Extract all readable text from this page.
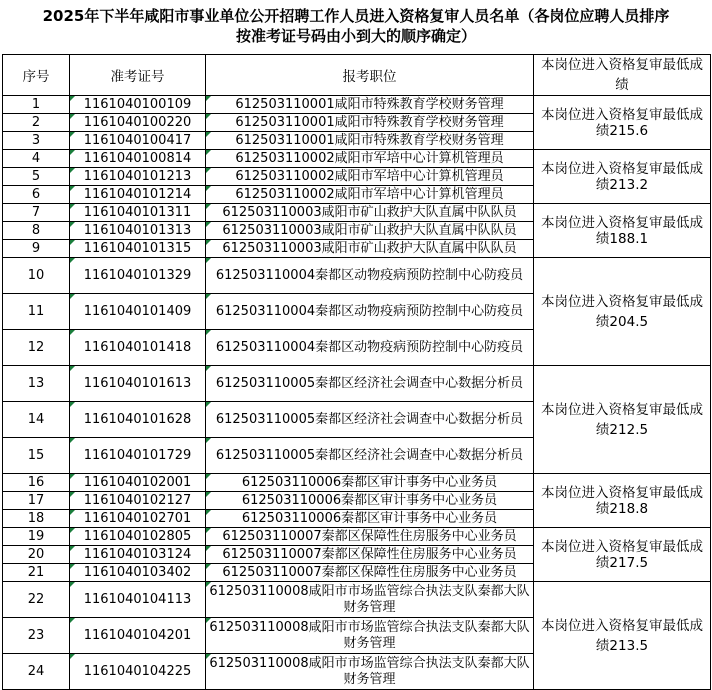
2025年下半年咸阳市事业单位公开招聘工作人员进入资格复审人员名单（各岗位应聘人员排序
按准考证号码由小到大的顺序确定）
序号	准考证号	报考职位	本岗位进入资格复审最低成绩
1	1161040100109	612503110001咸阳市特殊教育学校财务管理	本岗位进入资格复审最低成绩215.6
2	1161040100220	612503110001咸阳市特殊教育学校财务管理	
3	1161040100417	612503110001咸阳市特殊教育学校财务管理	
4	1161040100814	612503110002咸阳市军培中心计算机管理员	本岗位进入资格复审最低成绩213.2
5	1161040101213	612503110002咸阳市军培中心计算机管理员	
6	1161040101214	612503110002咸阳市军培中心计算机管理员	
7	1161040101311	612503110003咸阳市矿山救护大队直属中队队员	本岗位进入资格复审最低成绩188.1
8	1161040101313	612503110003咸阳市矿山救护大队直属中队队员	
9	1161040101315	612503110003咸阳市矿山救护大队直属中队队员	
10	1161040101329	612503110004秦都区动物疫病预防控制中心防疫员	本岗位进入资格复审最低成绩204.5
11	1161040101409	612503110004秦都区动物疫病预防控制中心防疫员	
12	1161040101418	612503110004秦都区动物疫病预防控制中心防疫员	
13	1161040101613	612503110005秦都区经济社会调查中心数据分析员	本岗位进入资格复审最低成绩212.5
14	1161040101628	612503110005秦都区经济社会调查中心数据分析员	
15	1161040101729	612503110005秦都区经济社会调查中心数据分析员	
16	1161040102001	612503110006秦都区审计事务中心业务员	本岗位进入资格复审最低成绩218.8
17	1161040102127	612503110006秦都区审计事务中心业务员	
18	1161040102701	612503110006秦都区审计事务中心业务员	
19	1161040102805	612503110007秦都区保障性住房服务中心业务员	本岗位进入资格复审最低成绩217.5
20	1161040103124	612503110007秦都区保障性住房服务中心业务员	
21	1161040103402	612503110007秦都区保障性住房服务中心业务员	
22	1161040104113	612503110008咸阳市市场监管综合执法支队秦都大队财务管理	本岗位进入资格复审最低成绩213.5
23	1161040104201	612503110008咸阳市市场监管综合执法支队秦都大队财务管理	
24	1161040104225	612503110008咸阳市市场监管综合执法支队秦都大队财务管理	
